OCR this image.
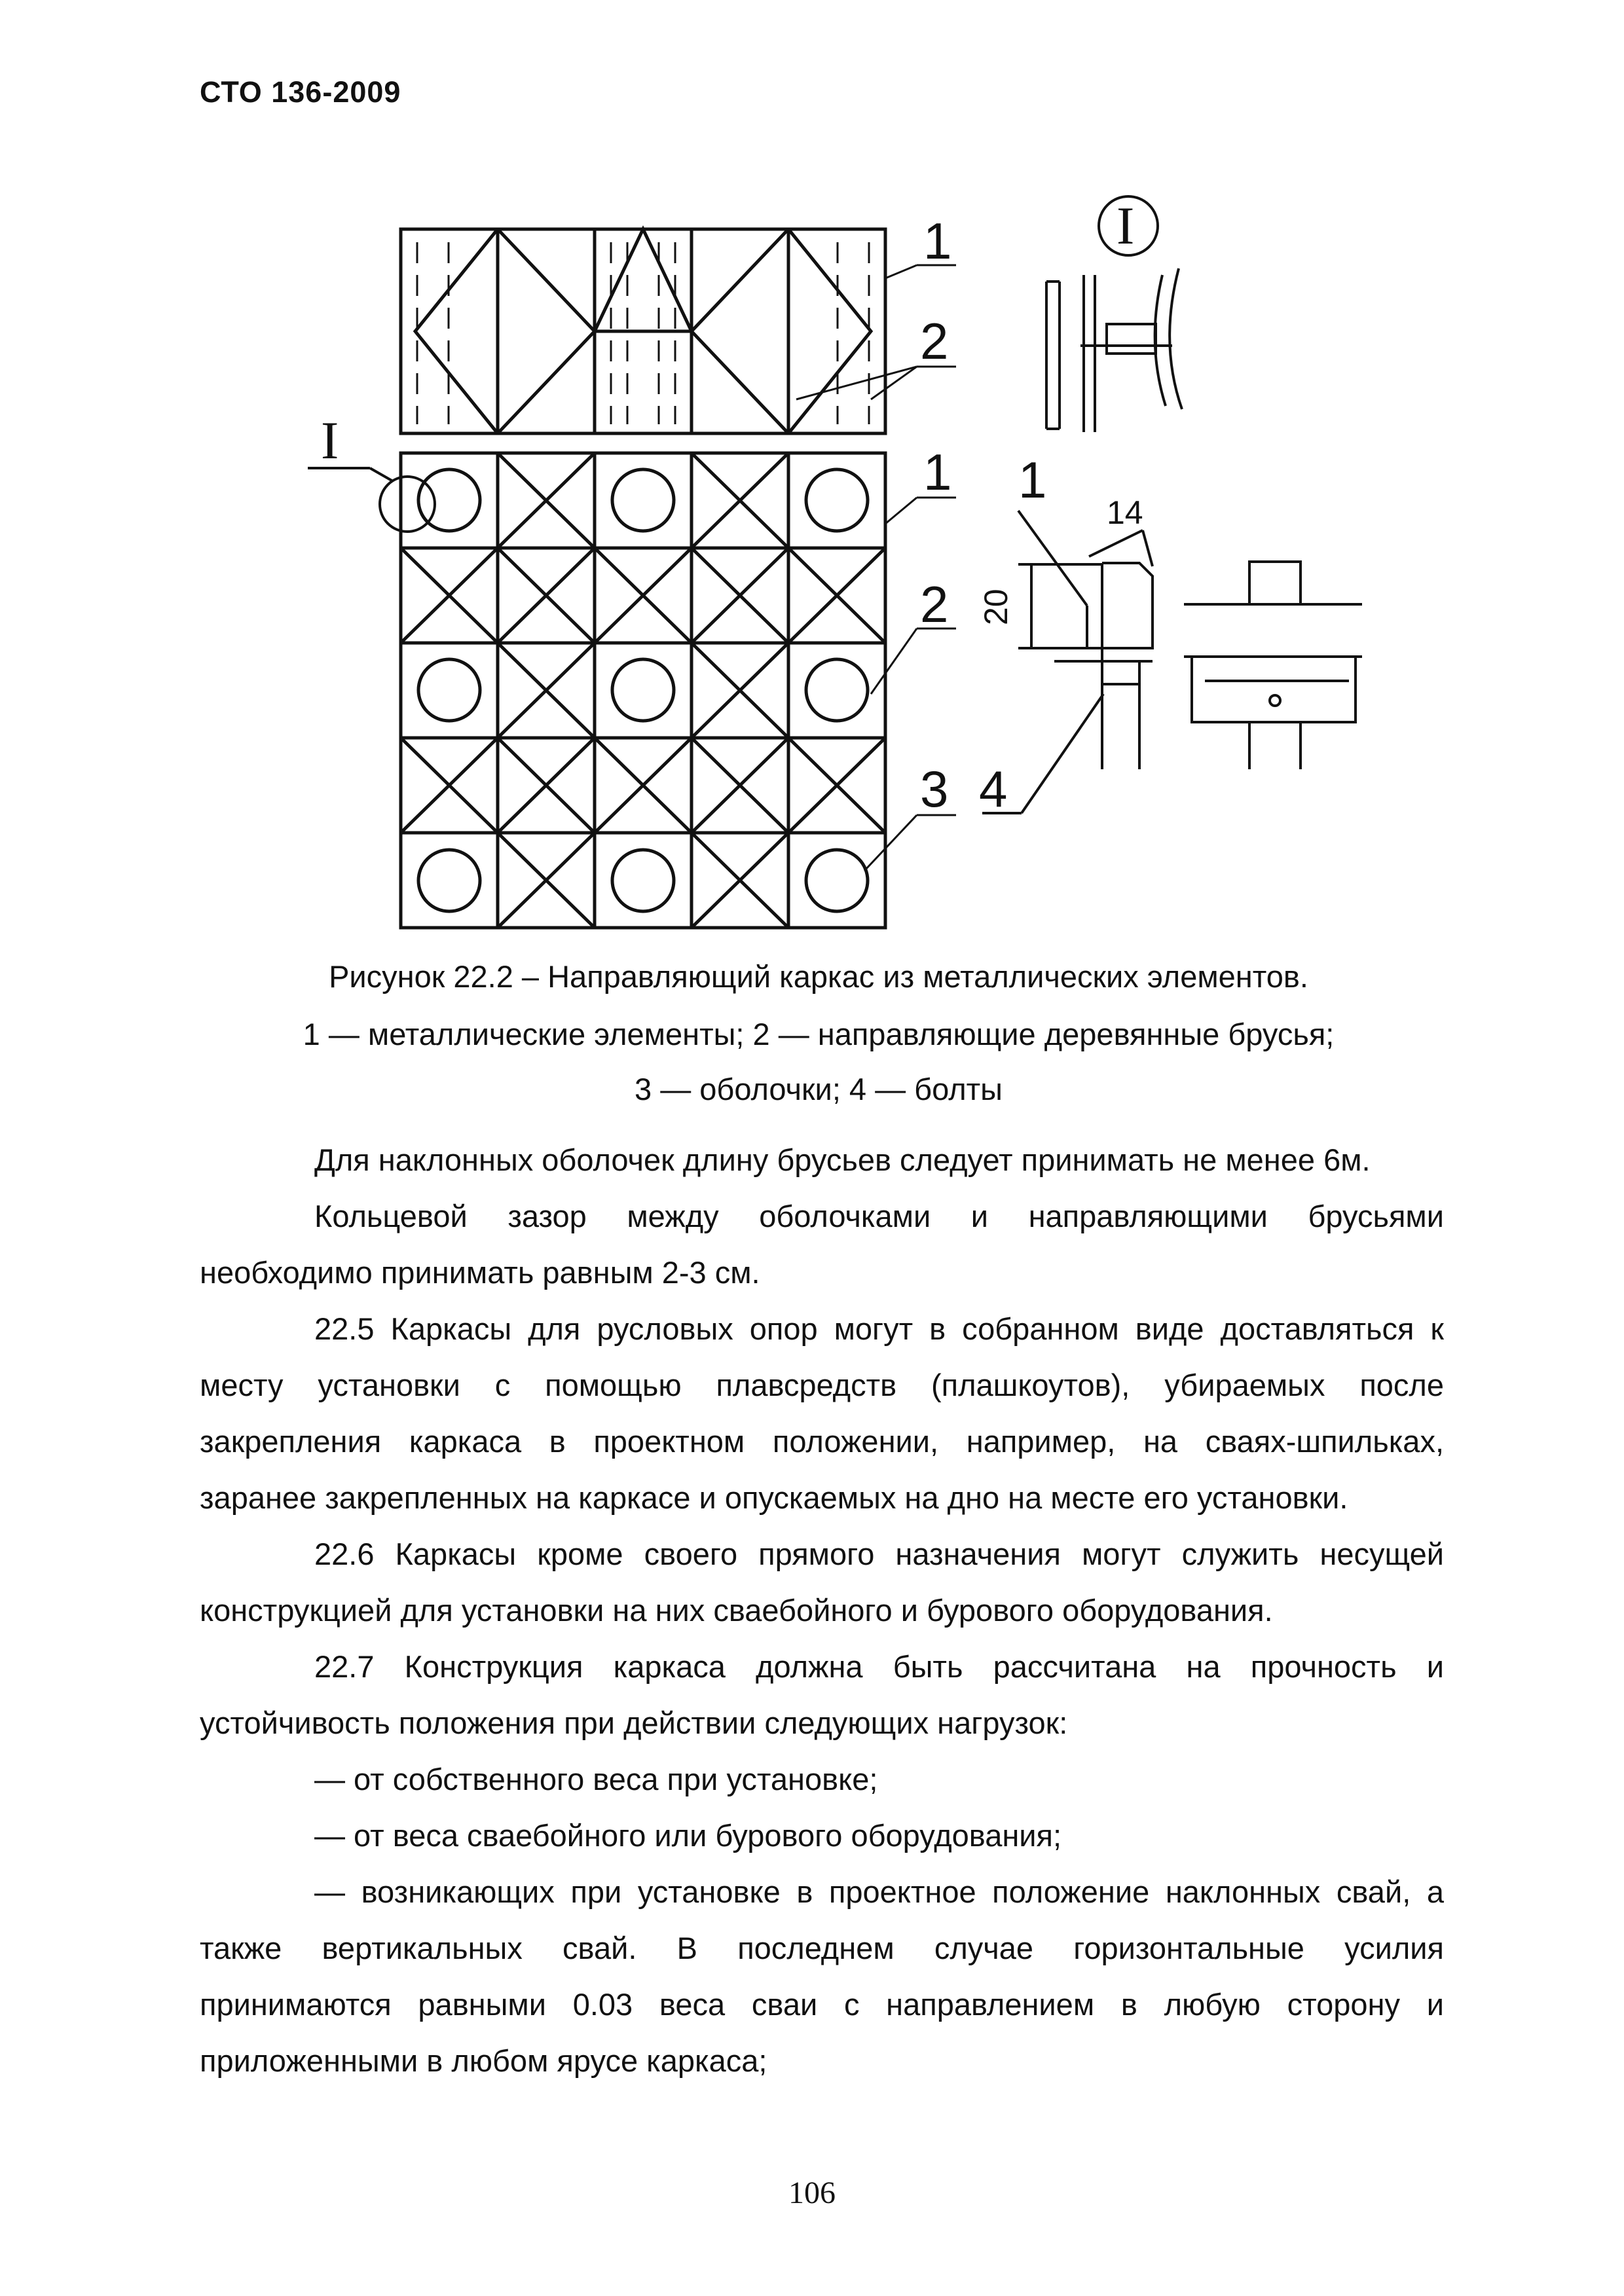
СТО 136-2009
I
1
2
1
2
3
I
1
14
20
4
Рисунок 22.2 – Направляющий каркас из металлических элементов.
1 — металлические элементы; 2 — направляющие деревянные брусья;
3 — оболочки; 4 — болты
Для наклонных оболочек длину брусьев следует принимать не менее 6м.
Кольцевой зазор между оболочками и направляющими брусьями
необходимо принимать равным 2-3 см.
22.5 Каркасы для русловых опор могут в собранном виде доставляться к
месту установки с помощью плавсредств (плашкоутов), убираемых после
закрепления каркаса в проектном положении, например, на сваях-шпильках,
заранее закрепленных на каркасе и опускаемых на дно на месте его установки.
22.6 Каркасы кроме своего прямого назначения могут служить несущей
конструкцией для установки на них сваебойного и бурового оборудования.
22.7 Конструкция каркаса должна быть рассчитана на прочность и
устойчивость положения при действии следующих нагрузок:
— от собственного веса при установке;
— от веса сваебойного или бурового оборудования;
— возникающих при установке в проектное положение наклонных свай, а
также вертикальных свай. В последнем случае горизонтальные усилия
принимаются равными 0.03 веса сваи с направлением в любую сторону и
приложенными в любом ярусе каркаса;
106
